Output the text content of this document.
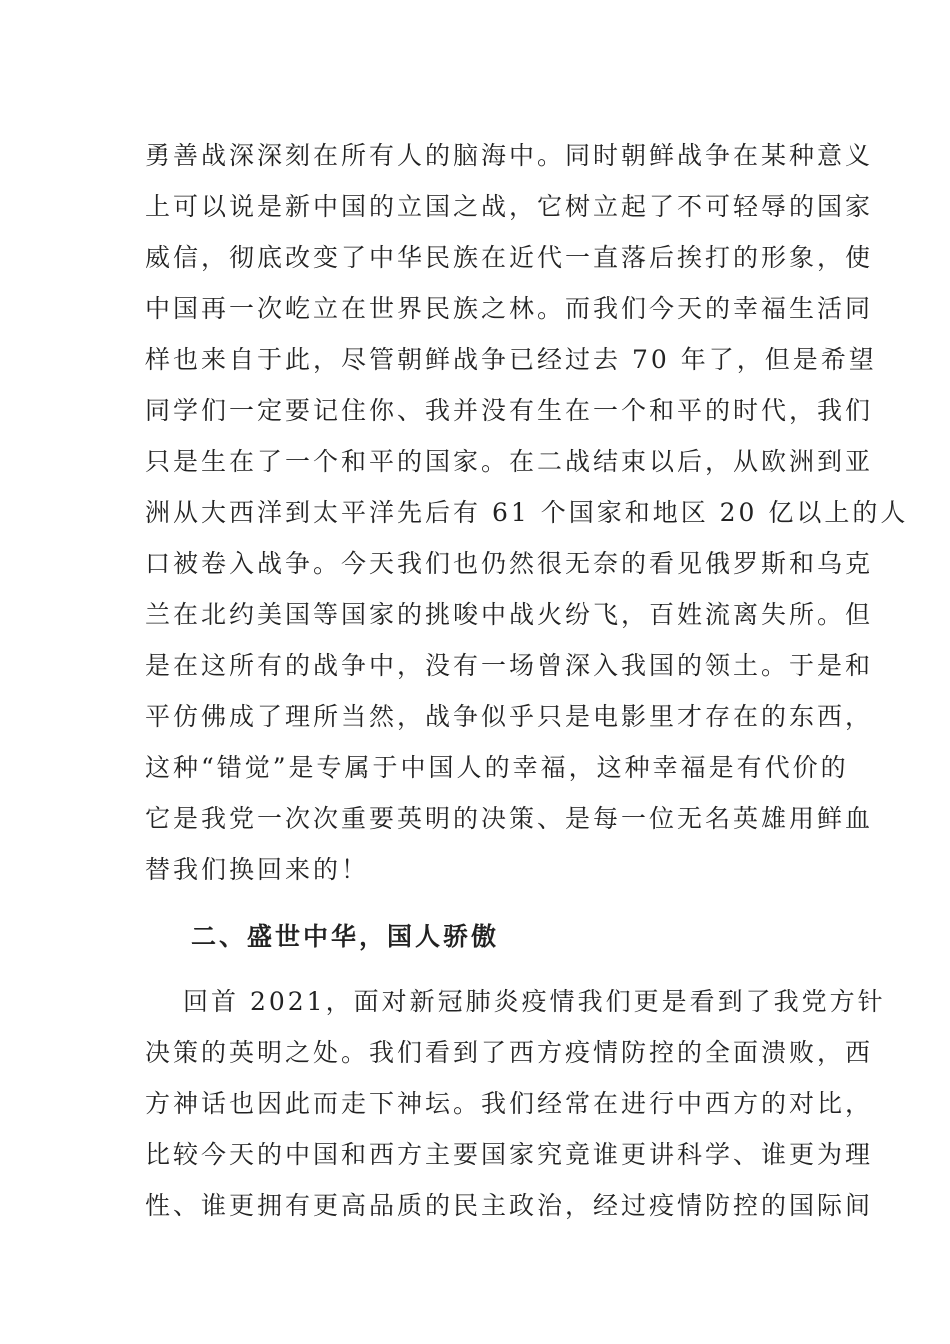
勇善战深深刻在所有人的脑海中。同时朝鲜战争在某种意义
上可以说是新中国的立国之战，它树立起了不可轻辱的国家
威信，彻底改变了中华民族在近代一直落后挨打的形象，使
中国再一次屹立在世界民族之林。而我们今天的幸福生活同
样也来自于此，尽管朝鲜战争已经过去 70 年了，但是希望
同学们一定要记住你、我并没有生在一个和平的时代，我们
只是生在了一个和平的国家。在二战结束以后，从欧洲到亚
洲从大西洋到太平洋先后有 61 个国家和地区 20 亿以上的人
口被卷入战争。今天我们也仍然很无奈的看见俄罗斯和乌克
兰在北约美国等国家的挑唆中战火纷飞，百姓流离失所。但
是在这所有的战争中，没有一场曾深入我国的领土。于是和
平仿佛成了理所当然，战争似乎只是电影里才存在的东西，
这种“错觉”是专属于中国人的幸福，这种幸福是有代价的
它是我党一次次重要英明的决策、是每一位无名英雄用鲜血
替我们换回来的！
二、盛世中华，国人骄傲
回首 2021，面对新冠肺炎疫情我们更是看到了我党方针
决策的英明之处。我们看到了西方疫情防控的全面溃败，西
方神话也因此而走下神坛。我们经常在进行中西方的对比，
比较今天的中国和西方主要国家究竟谁更讲科学、谁更为理
性、谁更拥有更高品质的民主政治，经过疫情防控的国际间
